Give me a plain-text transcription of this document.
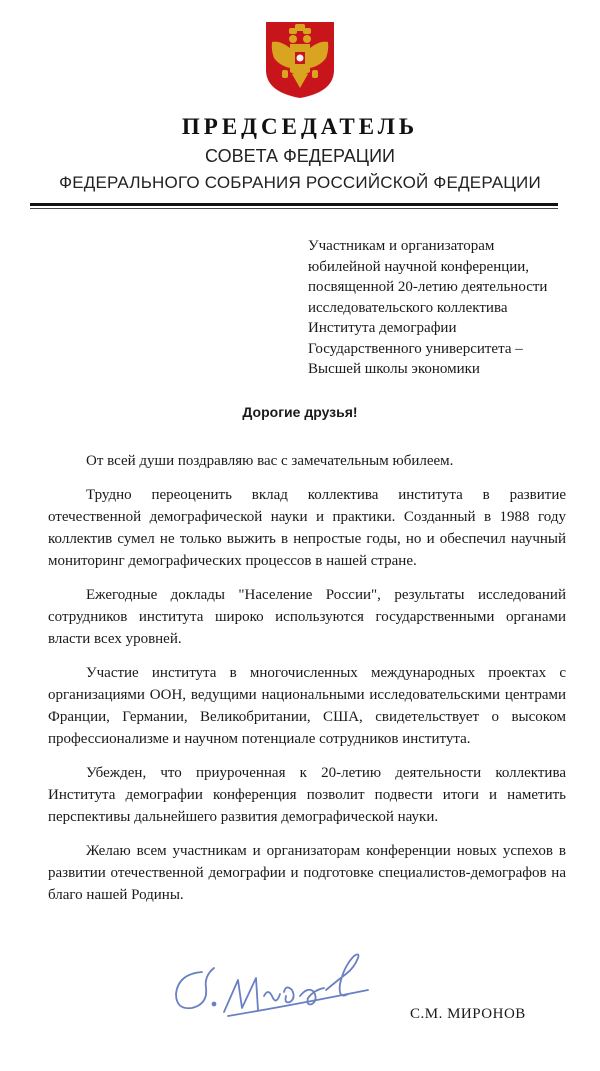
ПРЕДСЕДАТЕЛЬ
СОВЕТА ФЕДЕРАЦИИ
ФЕДЕРАЛЬНОГО СОБРАНИЯ РОССИЙСКОЙ ФЕДЕРАЦИИ
Участникам и организаторам
юбилейной научной конференции,
посвященной 20-летию деятельности
исследовательского коллектива
Института демографии
Государственного университета –
Высшей школы экономики
Дорогие друзья!

От всей души поздравляю вас с замечательным юбилеем.

Трудно переоценить вклад коллектива института в развитие отечественной демографической науки и практики. Созданный в 1988 году коллектив сумел не только выжить в непростые годы, но и обеспечил научный мониторинг демографических процессов в нашей стране.

Ежегодные доклады "Население России", результаты исследований сотрудников института широко используются государственными органами власти всех уровней.

Участие института в многочисленных международных проектах с организациями ООН, ведущими национальными исследовательскими центрами Франции, Германии, Великобритании, США, свидетельствует о высоком профессионализме и научном потенциале сотрудников института.

Убежден, что приуроченная к 20-летию деятельности коллектива Института демографии конференция позволит подвести итоги и наметить перспективы дальнейшего развития демографической науки.

Желаю всем участникам и организаторам конференции новых успехов в развитии отечественной демографии и подготовке специалистов-демографов на благо нашей Родины.

С.М. МИРОНОВ
